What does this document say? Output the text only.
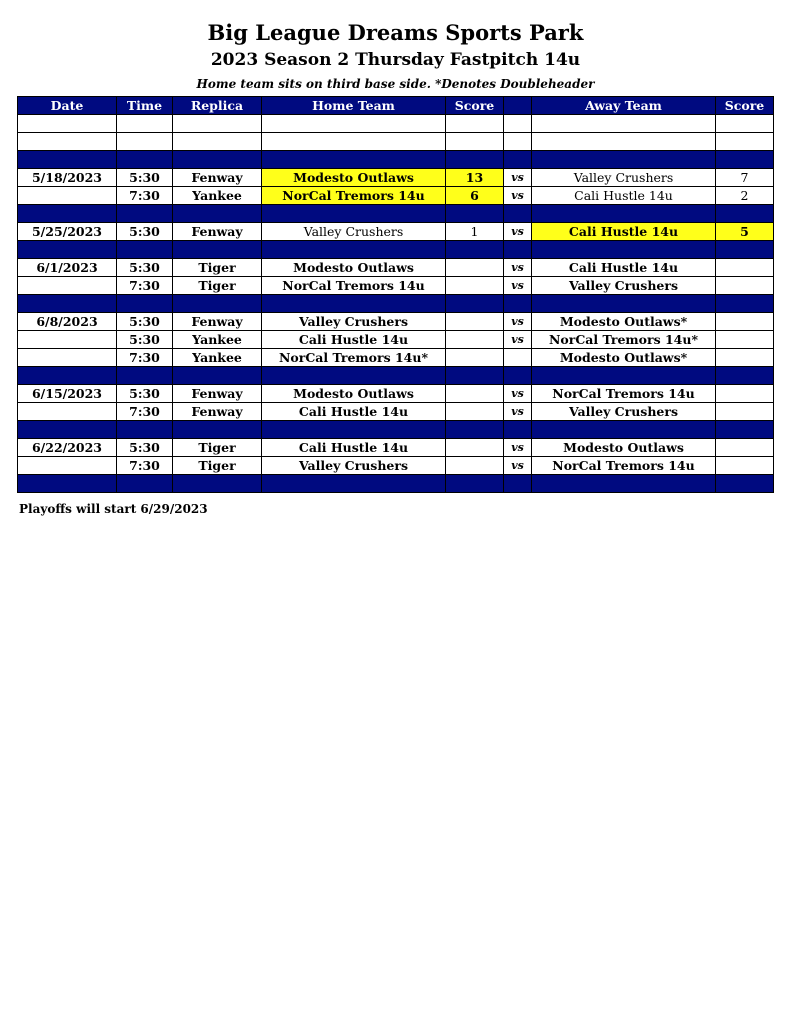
Big League Dreams Sports Park
2023 Season 2 Thursday Fastpitch 14u
Home team sits on third base side. *Denotes Doubleheader
Date	Time	Replica	Home Team	Score		Away Team	Score

5/18/2023	5:30	Fenway	Modesto Outlaws	13	vs	Valley Crushers	7
	7:30	Yankee	NorCal Tremors 14u	6	vs	Cali Hustle 14u	2

5/25/2023	5:30	Fenway	Valley Crushers	1	vs	Cali Hustle 14u	5

6/1/2023	5:30	Tiger	Modesto Outlaws		vs	Cali Hustle 14u	
	7:30	Tiger	NorCal Tremors 14u		vs	Valley Crushers	

6/8/2023	5:30	Fenway	Valley Crushers		vs	Modesto Outlaws*	
	5:30	Yankee	Cali Hustle 14u		vs	NorCal Tremors 14u*	
	7:30	Yankee	NorCal Tremors 14u*			Modesto Outlaws*	

6/15/2023	5:30	Fenway	Modesto Outlaws		vs	NorCal Tremors 14u	
	7:30	Fenway	Cali Hustle 14u		vs	Valley Crushers	

6/22/2023	5:30	Tiger	Cali Hustle 14u		vs	Modesto Outlaws	
	7:30	Tiger	Valley Crushers		vs	NorCal Tremors 14u	

Playoffs will start 6/29/2023
